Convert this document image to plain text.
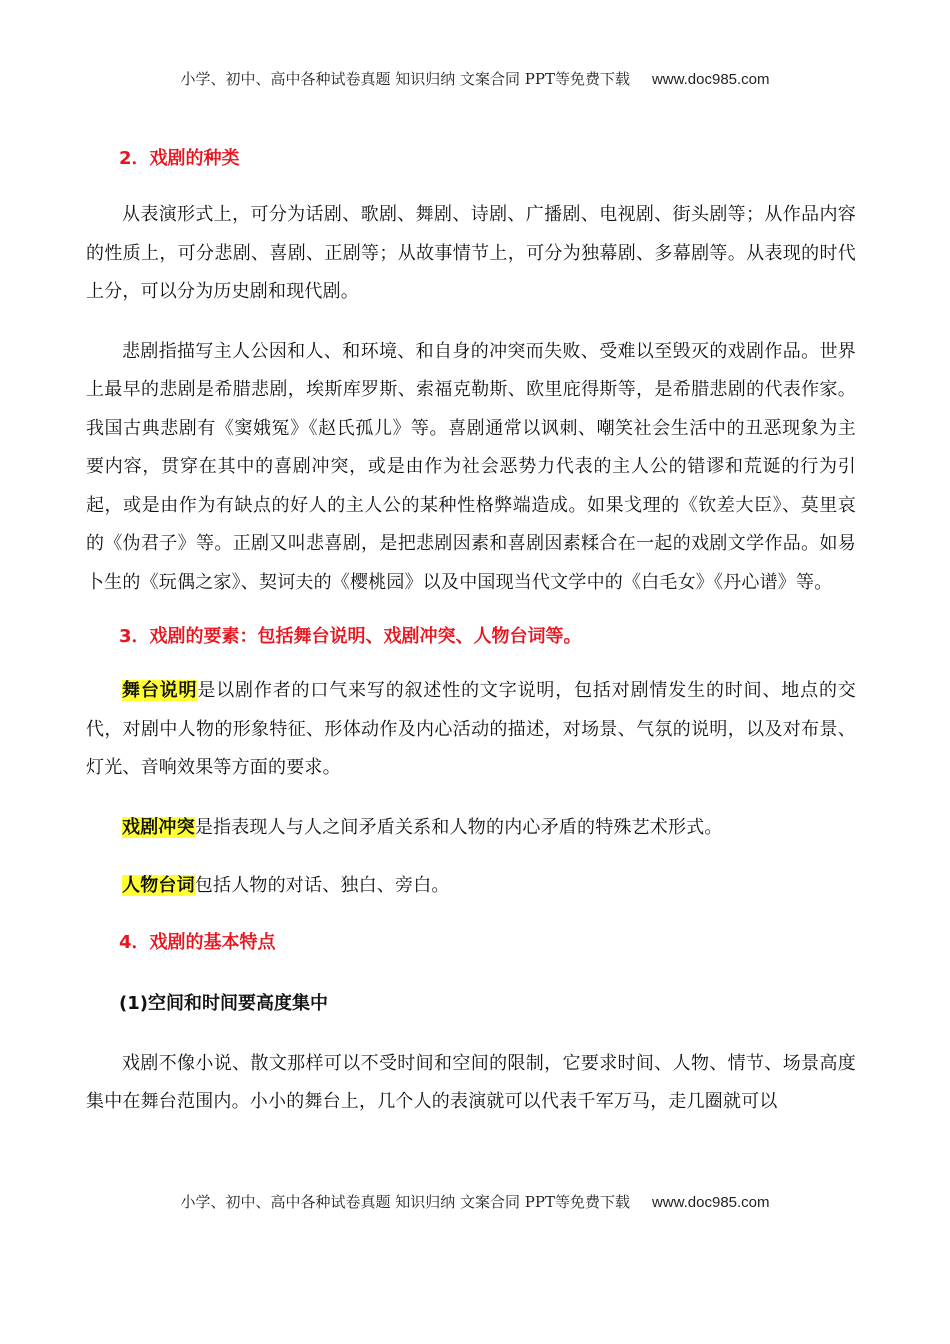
小学、初中、高中各种试卷真题 知识归纳 文案合同 PPT等免费下载 www.doc985.com
2．戏剧的种类

从表演形式上，可分为话剧、歌剧、舞剧、诗剧、广播剧、电视剧、街头剧等；从作品内容的性质上，可分悲剧、喜剧、正剧等；从故事情节上，可分为独幕剧、多幕剧等。从表现的时代上分，可以分为历史剧和现代剧。

悲剧指描写主人公因和人、和环境、和自身的冲突而失败、受难以至毁灭的戏剧作品。世界上最早的悲剧是希腊悲剧，埃斯库罗斯、索福克勒斯、欧里庇得斯等，是希腊悲剧的代表作家。我国古典悲剧有《窦娥冤》《赵氏孤儿》等。喜剧通常以讽刺、嘲笑社会生活中的丑恶现象为主要内容，贯穿在其中的喜剧冲突，或是由作为社会恶势力代表的主人公的错谬和荒诞的行为引起，或是由作为有缺点的好人的主人公的某种性格弊端造成。如果戈理的《钦差大臣》、莫里哀的《伪君子》等。正剧又叫悲喜剧，是把悲剧因素和喜剧因素糅合在一起的戏剧文学作品。如易卜生的《玩偶之家》、契诃夫的《樱桃园》以及中国现当代文学中的《白毛女》《丹心谱》等。

3．戏剧的要素：包括舞台说明、戏剧冲突、人物台词等。

舞台说明是以剧作者的口气来写的叙述性的文字说明，包括对剧情发生的时间、地点的交代，对剧中人物的形象特征、形体动作及内心活动的描述，对场景、气氛的说明，以及对布景、灯光、音响效果等方面的要求。

戏剧冲突是指表现人与人之间矛盾关系和人物的内心矛盾的特殊艺术形式。

人物台词包括人物的对话、独白、旁白。

4．戏剧的基本特点
(1)空间和时间要高度集中

戏剧不像小说、散文那样可以不受时间和空间的限制，它要求时间、人物、情节、场景高度集中在舞台范围内。小小的舞台上，几个人的表演就可以代表千军万马，走几圈就可以

小学、初中、高中各种试卷真题 知识归纳 文案合同 PPT等免费下载 www.doc985.com
